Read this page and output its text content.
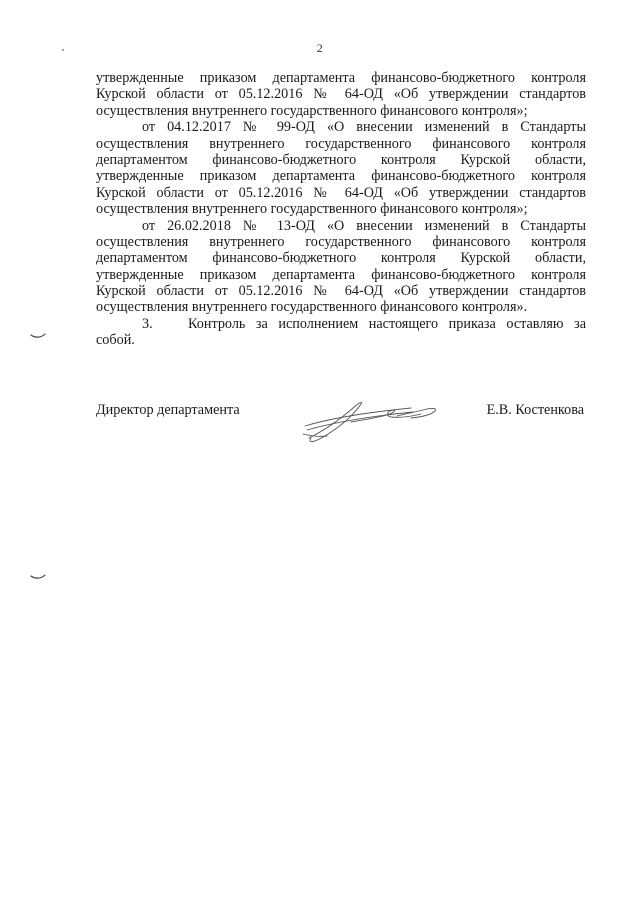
2
утвержденные приказом департамента финансово-бюджетного контроля
Курской области от 05.12.2016 № 64-ОД «Об утверждении стандартов
осуществления внутреннего государственного финансового контроля»;
от 04.12.2017 № 99-ОД «О внесении изменений в Стандарты
осуществления внутреннего государственного финансового контроля
департаментом финансово-бюджетного контроля Курской области,
утвержденные приказом департамента финансово-бюджетного контроля
Курской области от 05.12.2016 № 64-ОД «Об утверждении стандартов
осуществления внутреннего государственного финансового контроля»;
от 26.02.2018 № 13-ОД «О внесении изменений в Стандарты
осуществления внутреннего государственного финансового контроля
департаментом финансово-бюджетного контроля Курской области,
утвержденные приказом департамента финансово-бюджетного контроля
Курской области от 05.12.2016 № 64-ОД «Об утверждении стандартов
осуществления внутреннего государственного финансового контроля».
3.	Контроль за исполнением настоящего приказа оставляю за
собой.
Директор департамента	Е.В. Костенкова
